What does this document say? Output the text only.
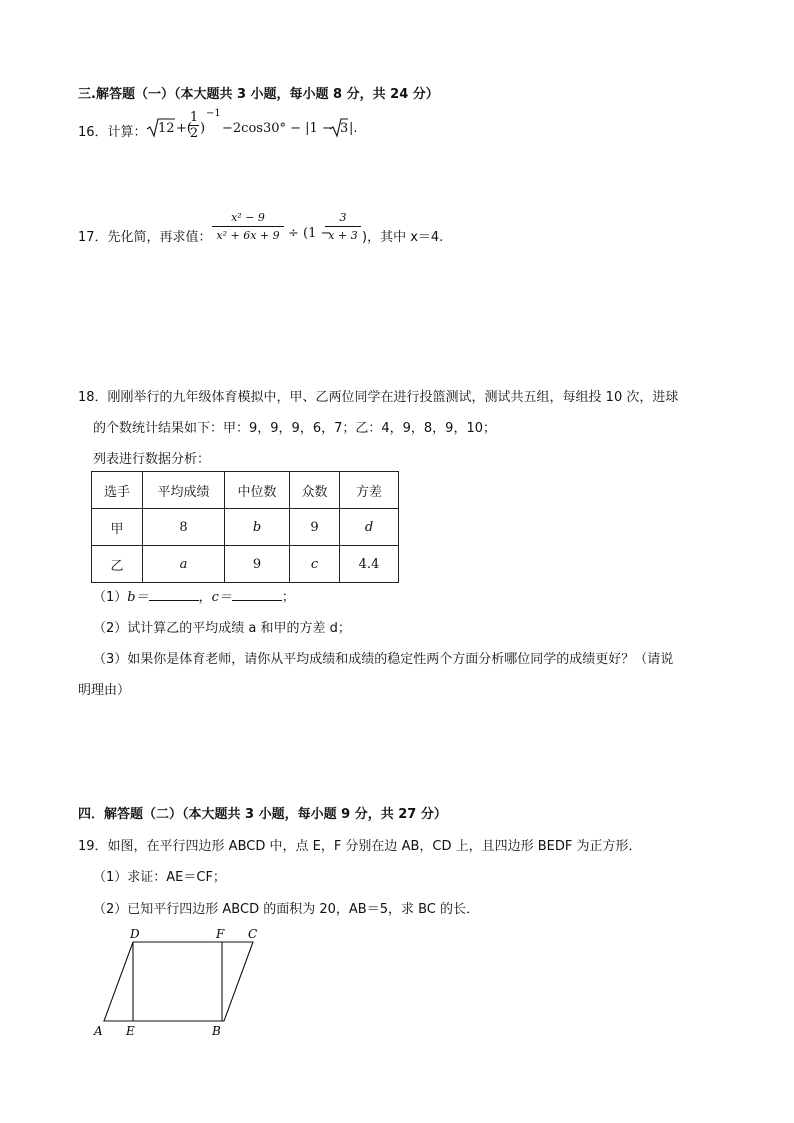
三.解答题（一）（本大题共 3 小题，每小题 8 分，共 24 分）
16．计算： 12 +(
1
2 )
−1
−2cos30° − |1 − 3 |.
17．先化简，再求值：
x² − 9
x² + 6x + 9 ÷ (1 −
3
x + 3 )，其中 x＝4.
18．刚刚举行的九年级体育模拟中，甲、乙两位同学在进行投篮测试，测试共五组，每组投 10 次，进球
的个数统计结果如下：甲：9，9，9，6，7；乙：4，9，8，9，10；
列表进行数据分析：
选手	平均成绩	中位数	众数	方差
甲	8	b	9	d
乙	a	9	c	4.4
（1）b＝	，c＝	；
（2）试计算乙的平均成绩 a 和甲的方差 d；
（3）如果你是体育老师，请你从平均成绩和成绩的稳定性两个方面分析哪位同学的成绩更好？（请说
明理由）
四．解答题（二）（本大题共 3 小题，每小题 9 分，共 27 分）
19．如图，在平行四边形 ABCD 中，点 E，F 分别在边 AB，CD 上，且四边形 BEDF 为正方形．
（1）求证：AE＝CF；
（2）已知平行四边形 ABCD 的面积为 20，AB＝5，求 BC 的长．
D	F C
A E	B
